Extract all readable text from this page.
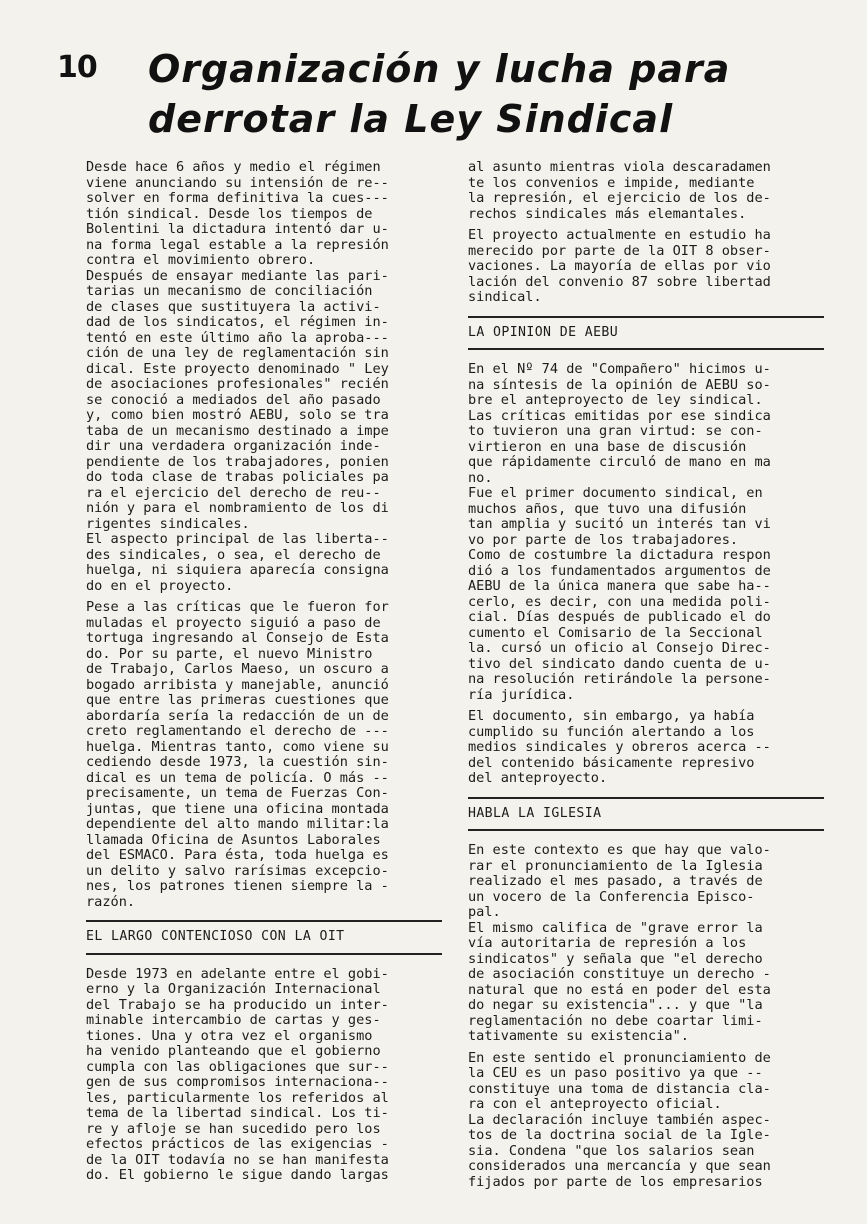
10 Organización y lucha para
derrotar la Ley Sindical
Desde hace 6 años y medio el régimen
viene anunciando su intensión de re--
solver en forma definitiva la cues---
tión sindical. Desde los tiempos de
Bolentini la dictadura intentó dar u-
na forma legal estable a la represión
contra el movimiento obrero.
Después de ensayar mediante las pari-
tarias un mecanismo de conciliación
de clases que sustituyera la activi-
dad de los sindicatos, el régimen in-
tentó en este último año la aproba---
ción de una ley de reglamentación sin
dical. Este proyecto denominado " Ley
de asociaciones profesionales" recién
se conoció a mediados del año pasado
y, como bien mostró AEBU, solo se tra
taba de un mecanismo destinado a impe
dir una verdadera organización inde-
pendiente de los trabajadores, ponien
do toda clase de trabas policiales pa
ra el ejercicio del derecho de reu--
nión y para el nombramiento de los di
rigentes sindicales.
El aspecto principal de las liberta--
des sindicales, o sea, el derecho de
huelga, ni siquiera aparecía consigna
do en el proyecto.
Pese a las críticas que le fueron for
muladas el proyecto siguió a paso de
tortuga ingresando al Consejo de Esta
do. Por su parte, el nuevo Ministro
de Trabajo, Carlos Maeso, un oscuro a
bogado arribista y manejable, anunció
que entre las primeras cuestiones que
abordaría sería la redacción de un de
creto reglamentando el derecho de ---
huelga. Mientras tanto, como viene su
cediendo desde 1973, la cuestión sin-
dical es un tema de policía. O más --
precisamente, un tema de Fuerzas Con-
juntas, que tiene una oficina montada
dependiente del alto mando militar:la
llamada Oficina de Asuntos Laborales
del ESMACO. Para ésta, toda huelga es
un delito y salvo rarísimas excepcio-
nes, los patrones tienen siempre la -
razón.
EL LARGO CONTENCIOSO CON LA OIT
Desde 1973 en adelante entre el gobi-
erno y la Organización Internacional
del Trabajo se ha producido un inter-
minable intercambio de cartas y ges-
tiones. Una y otra vez el organismo
ha venido planteando que el gobierno
cumpla con las obligaciones que sur--
gen de sus compromisos internaciona--
les, particularmente los referidos al
tema de la libertad sindical. Los ti-
re y afloje se han sucedido pero los
efectos prácticos de las exigencias -
de la OIT todavía no se han manifesta
do. El gobierno le sigue dando largas
al asunto mientras viola descaradamen
te los convenios e impide, mediante
la represión, el ejercicio de los de-
rechos sindicales más elemantales.
El proyecto actualmente en estudio ha
merecido por parte de la OIT 8 obser-
vaciones. La mayoría de ellas por vio
lación del convenio 87 sobre libertad
sindical.
LA OPINION DE AEBU
En el Nº 74 de "Compañero" hicimos u-
na síntesis de la opinión de AEBU so-
bre el anteproyecto de ley sindical.
Las críticas emitidas por ese sindica
to tuvieron una gran virtud: se con-
virtieron en una base de discusión
que rápidamente circuló de mano en ma
no.
Fue el primer documento sindical, en
muchos años, que tuvo una difusión
tan amplia y sucitó un interés tan vi
vo por parte de los trabajadores.
Como de costumbre la dictadura respon
dió a los fundamentados argumentos de
AEBU de la única manera que sabe ha--
cerlo, es decir, con una medida poli-
cial. Días después de publicado el do
cumento el Comisario de la Seccional
la. cursó un oficio al Consejo Direc-
tivo del sindicato dando cuenta de u-
na resolución retirándole la persone-
ría jurídica.
El documento, sin embargo, ya había
cumplido su función alertando a los
medios sindicales y obreros acerca --
del contenido básicamente represivo
del anteproyecto.
HABLA LA IGLESIA
En este contexto es que hay que valo-
rar el pronunciamiento de la Iglesia
realizado el mes pasado, a través de
un vocero de la Conferencia Episco-
pal.
El mismo califica de "grave error la
vía autoritaria de represión a los
sindicatos" y señala que "el derecho
de asociación constituye un derecho -
natural que no está en poder del esta
do negar su existencia"... y que "la
reglamentación no debe coartar limi-
tativamente su existencia".
En este sentido el pronunciamiento de
la CEU es un paso positivo ya que --
constituye una toma de distancia cla-
ra con el anteproyecto oficial.
La declaración incluye también aspec-
tos de la doctrina social de la Igle-
sia. Condena "que los salarios sean
considerados una mercancía y que sean
fijados por parte de los empresarios
